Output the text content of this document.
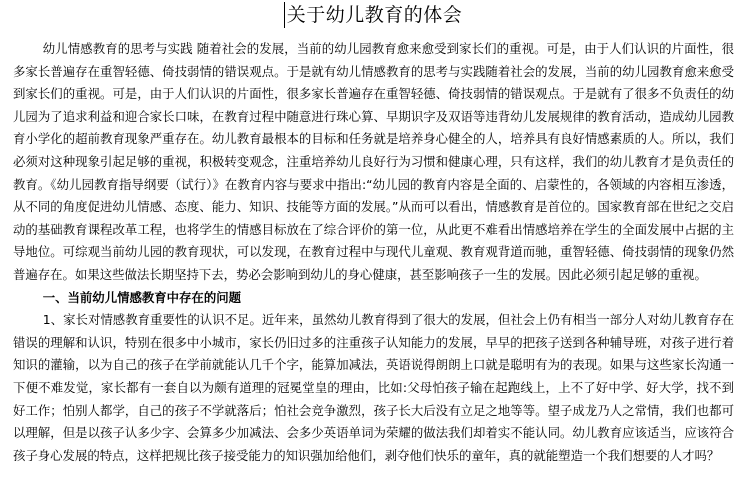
关于幼儿教育的体会

幼儿情感教育的思考与实践 随着社会的发展，当前的幼儿园教育愈来愈受到家长们的重视。可是，由于人们认识的片面性，很多家长普遍存在重智轻德、倚技弱情的错误观点。于是就有幼儿情感教育的思考与实践随着社会的发展，当前的幼儿园教育愈来愈受到家长们的重视。可是，由于人们认识的片面性，很多家长普遍存在重智轻德、倚技弱情的错误观点。于是就有了很多不负责任的幼儿园为了追求利益和迎合家长口味，在教育过程中随意进行珠心算、早期识字及双语等违背幼儿发展规律的教育活动，造成幼儿园教育小学化的超前教育现象严重存在。幼儿教育最根本的目标和任务就是培养身心健全的人，培养具有良好情感素质的人。所以，我们必须对这种现象引起足够的重视，积极转变观念，注重培养幼儿良好行为习惯和健康心理，只有这样，我们的幼儿教育才是负责任的教育。《幼儿园教育指导纲要（试行）》在教育内容与要求中指出:“幼儿园的教育内容是全面的、启蒙性的，各领域的内容相互渗透，从不同的角度促进幼儿情感、态度、能力、知识、技能等方面的发展。”从而可以看出，情感教育是首位的。国家教育部在世纪之交启动的基础教育课程改革工程，也将学生的情感目标放在了综合评价的第一位，从此更不难看出情感培养在学生的全面发展中占据的主导地位。可综观当前幼儿园的教育现状，可以发现，在教育过程中与现代儿童观、教育观背道而驰，重智轻德、倚技弱情的现象仍然普遍存在。如果这些做法长期坚持下去，势必会影响到幼儿的身心健康，甚至影响孩子一生的发展。因此必须引起足够的重视。

一、当前幼儿情感教育中存在的问题

1、家长对情感教育重要性的认识不足。近年来，虽然幼儿教育得到了很大的发展，但社会上仍有相当一部分人对幼儿教育存在错误的理解和认识，特别在很多中小城市，家长仍旧过多的注重孩子认知能力的发展，早早的把孩子送到各种辅导班，对孩子进行着知识的灌输，以为自己的孩子在学前就能认几千个字，能算加减法，英语说得朗朗上口就是聪明有为的表现。如果与这些家长沟通一下便不难发觉，家长都有一套自以为颇有道理的冠冕堂皇的理由，比如:父母怕孩子输在起跑线上，上不了好中学、好大学，找不到好工作；怕别人都学，自己的孩子不学就落后；怕社会竞争激烈，孩子长大后没有立足之地等等。望子成龙乃人之常情，我们也都可以理解，但是以孩子认多少字、会算多少加减法、会多少英语单词为荣耀的做法我们却着实不能认同。幼儿教育应该适当，应该符合孩子身心发展的特点，这样把规比孩子接受能力的知识强加给他们，剥夺他们快乐的童年，真的就能塑造一个我们想要的人才吗？
